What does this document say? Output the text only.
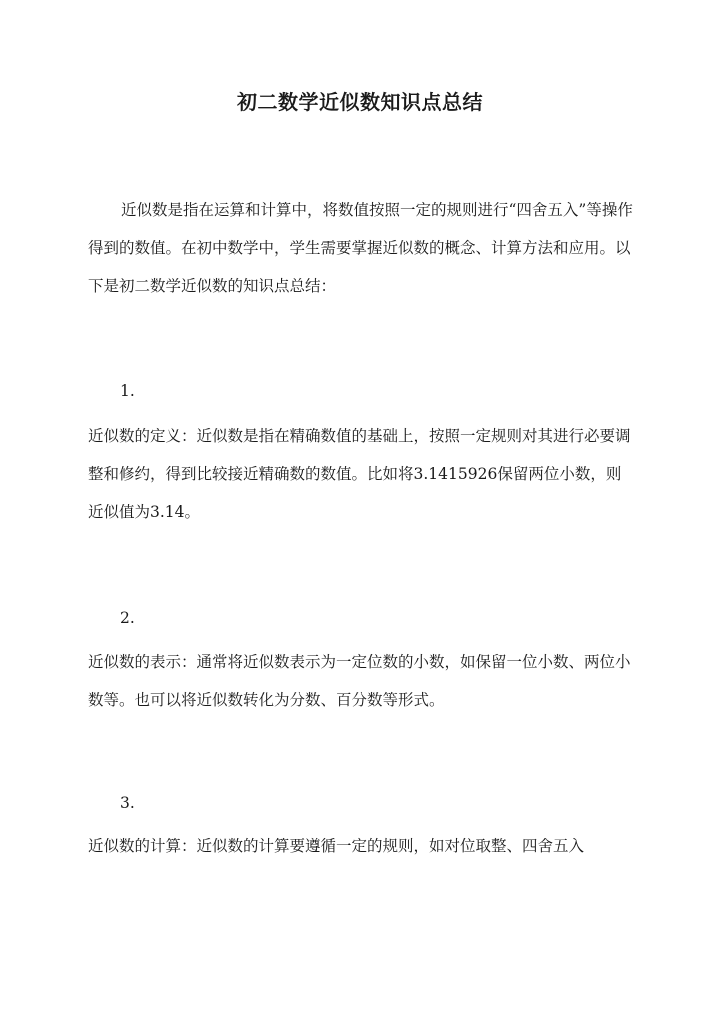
初二数学近似数知识点总结

近似数是指在运算和计算中，将数值按照一定的规则进行“四舍五入”等操作得到的数值。在初中数学中，学生需要掌握近似数的概念、计算方法和应用。以下是初二数学近似数的知识点总结：

1.

近似数的定义：近似数是指在精确数值的基础上，按照一定规则对其进行必要调整和修约，得到比较接近精确数的数值。比如将3.1415926保留两位小数，则近似值为3.14。

2.

近似数的表示：通常将近似数表示为一定位数的小数，如保留一位小数、两位小数等。也可以将近似数转化为分数、百分数等形式。

3.

近似数的计算：近似数的计算要遵循一定的规则，如对位取整、四舍五入
